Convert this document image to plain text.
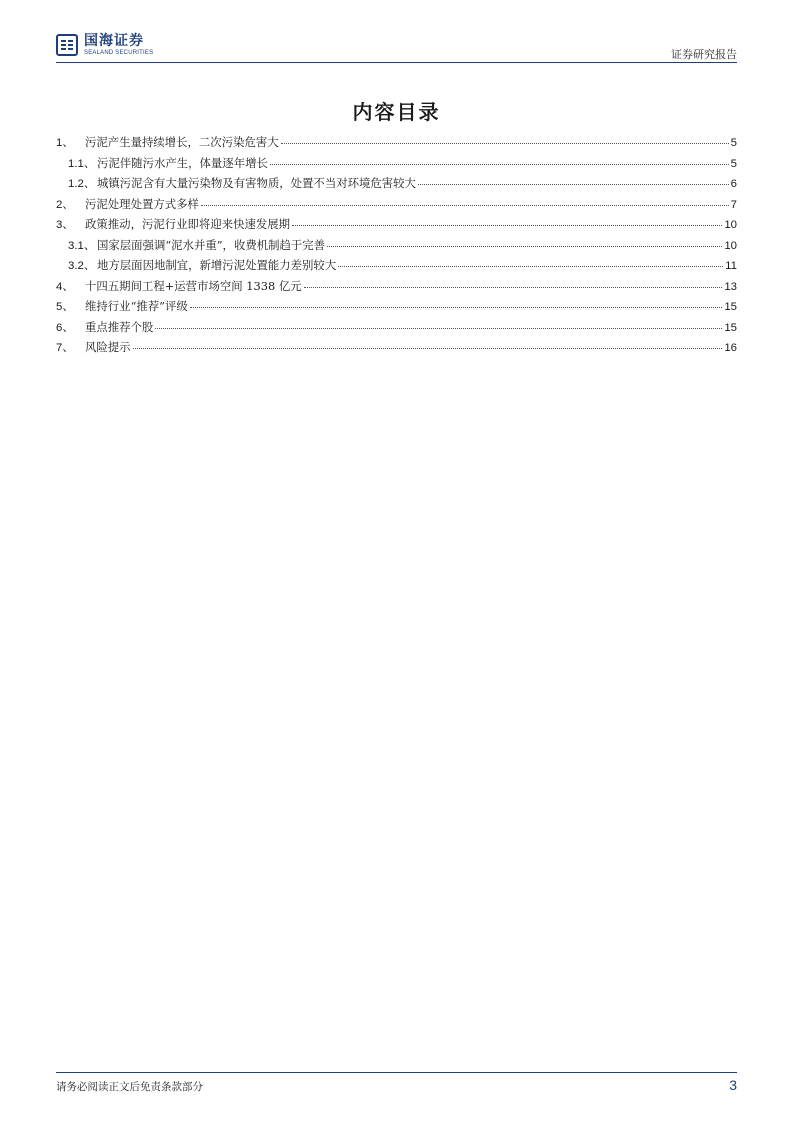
国海证券
SEALAND SECURITIES	证券研究报告
内容目录
1、 污泥产生量持续增长，二次污染危害大	5
1.1、 污泥伴随污水产生，体量逐年增长	5
1.2、 城镇污泥含有大量污染物及有害物质，处置不当对环境危害较大	6
2、 污泥处理处置方式多样	7
3、 政策推动，污泥行业即将迎来快速发展期	10
3.1、 国家层面强调“泥水并重”，收费机制趋于完善	10
3.2、 地方层面因地制宜，新增污泥处置能力差别较大	11
4、 十四五期间工程+运营市场空间 1338 亿元	13
5、 维持行业“推荐”评级	15
6、 重点推荐个股	15
7、 风险提示	16
请务必阅读正文后免责条款部分	3
